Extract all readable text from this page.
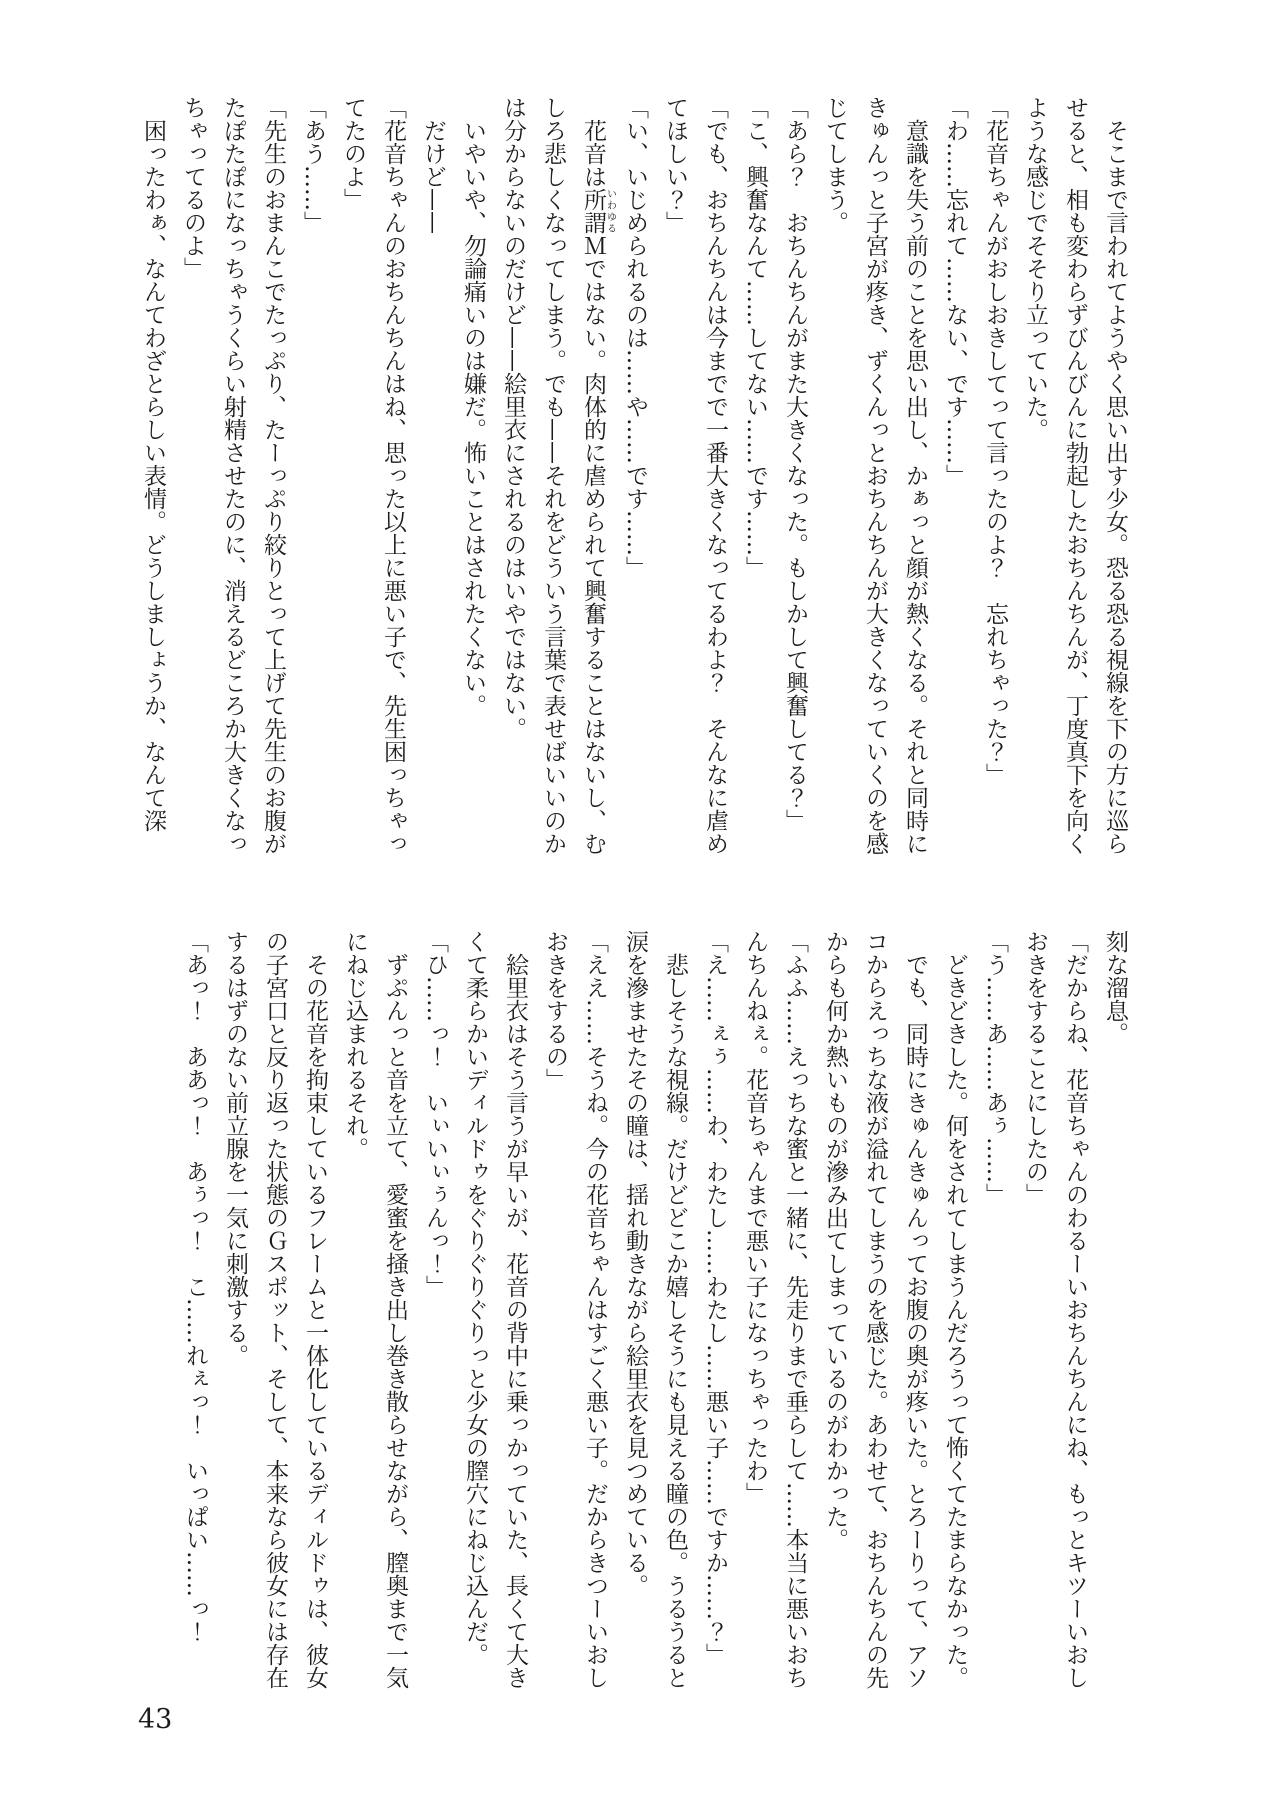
そこまで言われてようやく思い出す少女。恐る恐る視線を下の方に巡らせると、相も変わらずびんびんに勃起したおちんちんが、丁度真下を向くような感じでそそり立っていた。

「花音ちゃんがおしおきしてって言ったのよ？　忘れちゃった？」

「わ……忘れて……ない、です……」

意識を失う前のことを思い出し、かぁっと顔が熱くなる。それと同時にきゅんっと子宮が疼き、ずくんっとおちんちんが大きくなっていくのを感じてしまう。

「あら？　おちんちんがまた大きくなった。もしかして興奮してる？」

「こ、興奮なんて……してない……です……」

「でも、おちんちんは今までで一番大きくなってるわよ？　そんなに虐めてほしい？」

「い、いじめられるのは……や……です……」

花音は所謂いわゆるＭではない。肉体的に虐められて興奮することはないし、むしろ悲しくなってしまう。でも——それをどういう言葉で表せばいいのかは分からないのだけど——絵里衣にされるのはいやではない。

いやいや、勿論痛いのは嫌だ。怖いことはされたくない。

だけど——

「花音ちゃんのおちんちんはね、思った以上に悪い子で、先生困っちゃってたのよ」

「あう……」

「先生のおまんこでたっぷり、たーっぷり絞りとって上げて先生のお腹がたぽたぽになっちゃうくらい射精させたのに、消えるどころか大きくなっちゃってるのよ」

困ったわぁ、なんてわざとらしい表情。どうしましょうか、なんて深

刻な溜息。

「だからね、花音ちゃんのわるーいおちんちんにね、もっとキツーいおしおきをすることにしたの」

「う……あ……あぅ……」

どきどきした。何をされてしまうんだろうって怖くてたまらなかった。

でも、同時にきゅんきゅんってお腹の奥が疼いた。とろーりって、アソコからえっちな液が溢れてしまうのを感じた。あわせて、おちんちんの先からも何か熱いものが滲み出てしまっているのがわかった。

「ふふ……えっちな蜜と一緒に、先走りまで垂らして……本当に悪いおちんちんねぇ。花音ちゃんまで悪い子になっちゃったわ」

「え……ぇぅ……わ、わたし……わたし……悪い子……ですか……？」

悲しそうな視線。だけどどこか嬉しそうにも見える瞳の色。うるうると涙を滲ませたその瞳は、揺れ動きながら絵里衣を見つめている。

「ええ……そうね。今の花音ちゃんはすごく悪い子。だからきつーいおしおきをするの」

絵里衣はそう言うが早いが、花音の背中に乗っかっていた、長くて大きくて柔らかいディルドゥをぐりぐりぐりっと少女の膣穴にねじ込んだ。

「ひ……っ！　いぃいぃぅんっ！」

ずぷんっと音を立て、愛蜜を掻き出し巻き散らせながら、膣奥まで一気にねじ込まれるそれ。

その花音を拘束しているフレームと一体化しているディルドゥは、彼女の子宮口と反り返った状態のＧスポット、そして、本来なら彼女には存在するはずのない前立腺を一気に刺激する。

「あっ！　ああっ！　あぅっ！　こ……れぇっ！　いっぱい……っ！

43
